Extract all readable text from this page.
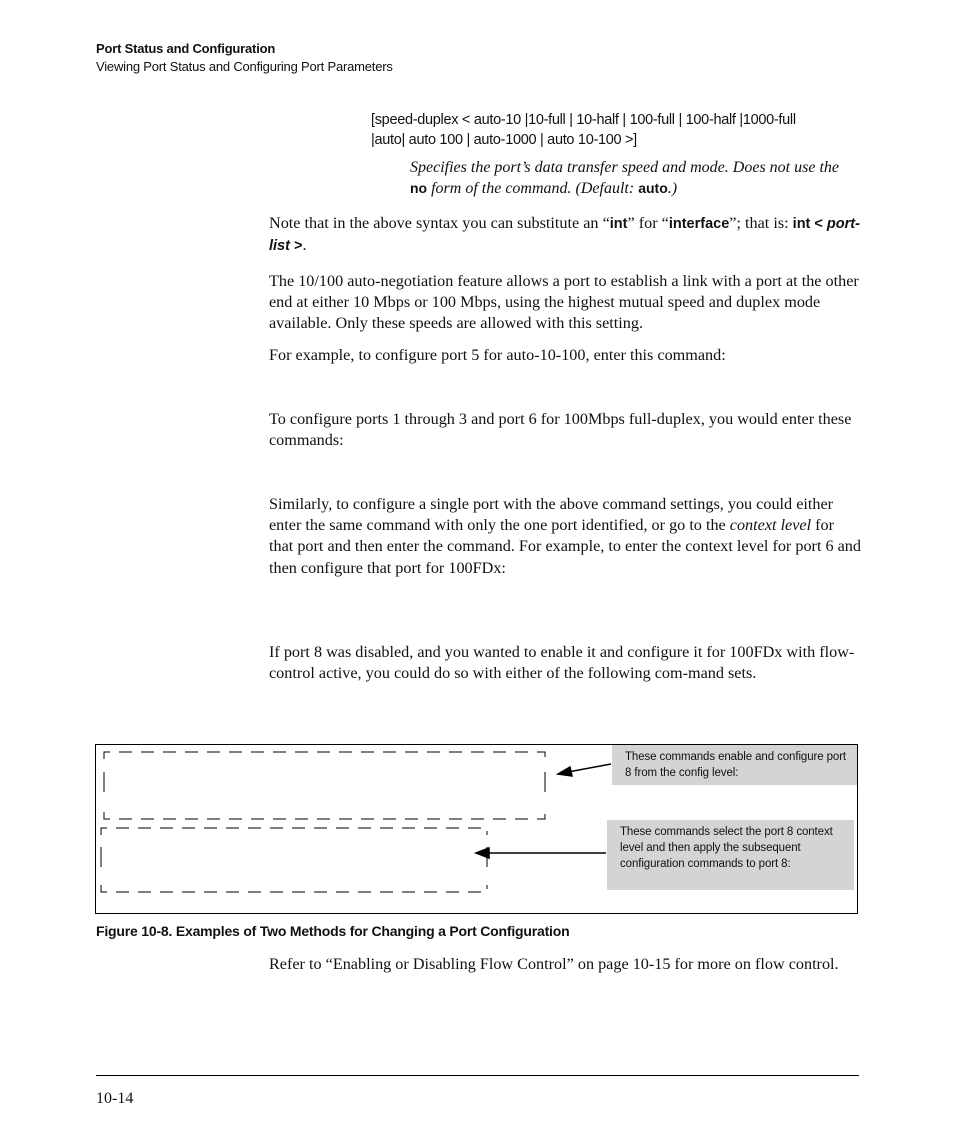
Port Status and Configuration
Viewing Port Status and Configuring Port Parameters
[speed-duplex < auto-10 |10-full | 10-half | 100-full | 100-half |1000-full
|auto| auto 100 | auto-1000 | auto 10-100 >]
Specifies the port’s data transfer speed and mode. Does not use the no form of the command. (Default: auto.)
Note that in the above syntax you can substitute an “int” for “interface”; that is: int < port-list >.
The 10/100 auto-negotiation feature allows a port to establish a link with a port at the other end at either 10 Mbps or 100 Mbps, using the highest mutual speed and duplex mode available. Only these speeds are allowed with this setting.
For example, to configure port 5 for auto-10-100, enter this command:
To configure ports 1 through 3 and port 6 for 100Mbps full-duplex, you would enter these commands:
Similarly, to configure a single port with the above command settings, you could either enter the same command with only the one port identified, or go to the context level for that port and then enter the command. For example, to enter the context level for port 6 and then configure that port for 100FDx:
If port 8 was disabled, and you wanted to enable it and configure it for 100FDx with flow-control active, you could do so with either of the following com-mand sets.
These commands enable and configure port 8 from the config level:
These commands select the port 8 context level and then apply the subsequent configuration commands to port 8:
Figure 10-8. Examples of Two Methods for Changing a Port Configuration
Refer to “Enabling or Disabling Flow Control” on page 10-15 for more on flow control.
10-14
